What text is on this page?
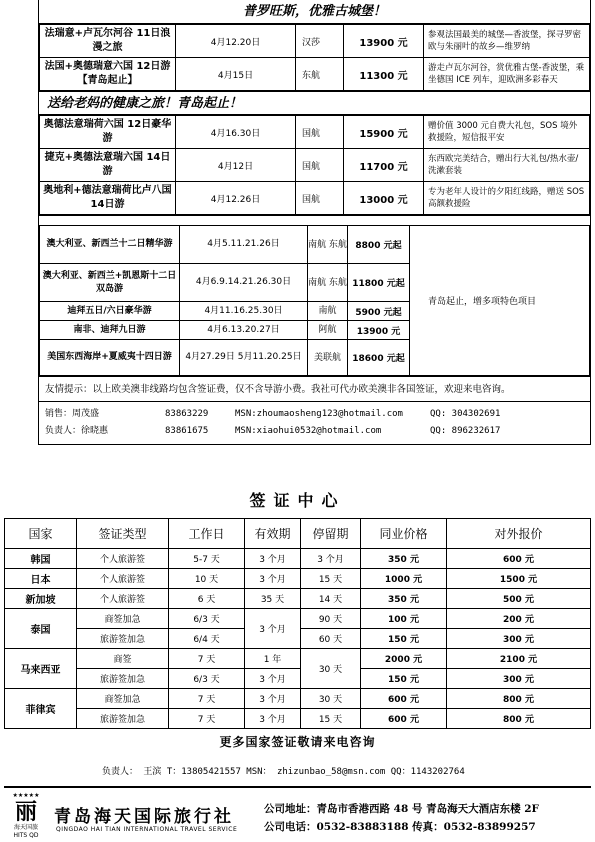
普罗旺斯，优雅古城堡！
法瑞意+卢瓦尔河谷 11日浪漫之旅	4月12.20日	汉莎	13900 元	参观法国最美的城堡—香波堡，探寻罗密欧与朱丽叶的故乡—维罗纳
法国+奥德瑞意六国 12日游【青岛起止】	4月15日	东航	11300 元	游走卢瓦尔河谷，赏优雅古堡-香波堡，乘坐德国 ICE 列车，迎欧洲多彩春天
送给老妈的健康之旅！青岛起止！
奥德法意瑞荷六国 12日豪华游	4月16.30日	国航	15900 元	赠价值 3000 元自费大礼包，SOS 境外救援险，短信报平安
捷克+奥德法意瑞六国 14日游	4月12日	国航	11700 元	东西欧完美结合，赠出行大礼包/热水壶/洗漱套装
奥地利+德法意瑞荷比卢八国 14日游	4月12.26日	国航	13000 元	专为老年人设计的夕阳红线路，赠送 SOS 高额救援险
澳大利亚、新西兰十二日精华游	4月5.11.21.26日	南航 东航	8800 元起	青岛起止，增多项特色项目
澳大利亚、新西兰+凯恩斯十二日双岛游	4月6.9.14.21.26.30日	南航 东航	11800 元起	
迪拜五日/六日豪华游	4月11.16.25.30日	南航	5900 元起	
南非、迪拜九日游	4月6.13.20.27日	阿航	13900 元	
美国东西海岸+夏威夷十四日游	4月27.29日 5月11.20.25日	美联航	18600 元起	
友情提示：以上欧美澳非线路均包含签证费，仅不含导游小费。我社可代办欧美澳非各国签证，欢迎来电咨询。
销售：周茂盛	83863229	MSN:zhoumaosheng123@hotmail.com	QQ: 304302691
负责人：徐晓惠	83861675	MSN:xiaohui0532@hotmail.com	QQ: 896232617
签证中心
国家	签证类型	工作日	有效期	停留期	同业价格	对外报价
韩国	个人旅游签	5-7 天	3 个月	3 个月	350 元	600 元
日本	个人旅游签	10 天	3 个月	15 天	1000 元	1500 元
新加坡	个人旅游签	6 天	35 天	14 天	350 元	500 元
泰国	商签加急	6/3 天	3 个月	90 天	100 元	200 元
	旅游签加急	6/4 天		60 天	150 元	300 元
马来西亚	商签	7 天	1 年	30 天	2000 元	2100 元
	旅游签加急	6/3 天	3 个月		150 元	300 元
菲律宾	商签加急	7 天	3 个月	30 天	600 元	800 元
	旅游签加急	7 天	3 个月	15 天	600 元	800 元
更多国家签证敬请来电咨询
负责人： 王滨 T：13805421557 MSN： zhizunbao_58@msn.com QQ：1143202764
★★★★★
丽
海天国旅
HITS QD
青岛海天国际旅行社
QINGDAO HAI TIAN INTERNATIONAL TRAVEL SERVICE
公司地址：青岛市香港西路 48 号 青岛海天大酒店东楼 2F
公司电话：0532-83883188 传真：0532-83899257
